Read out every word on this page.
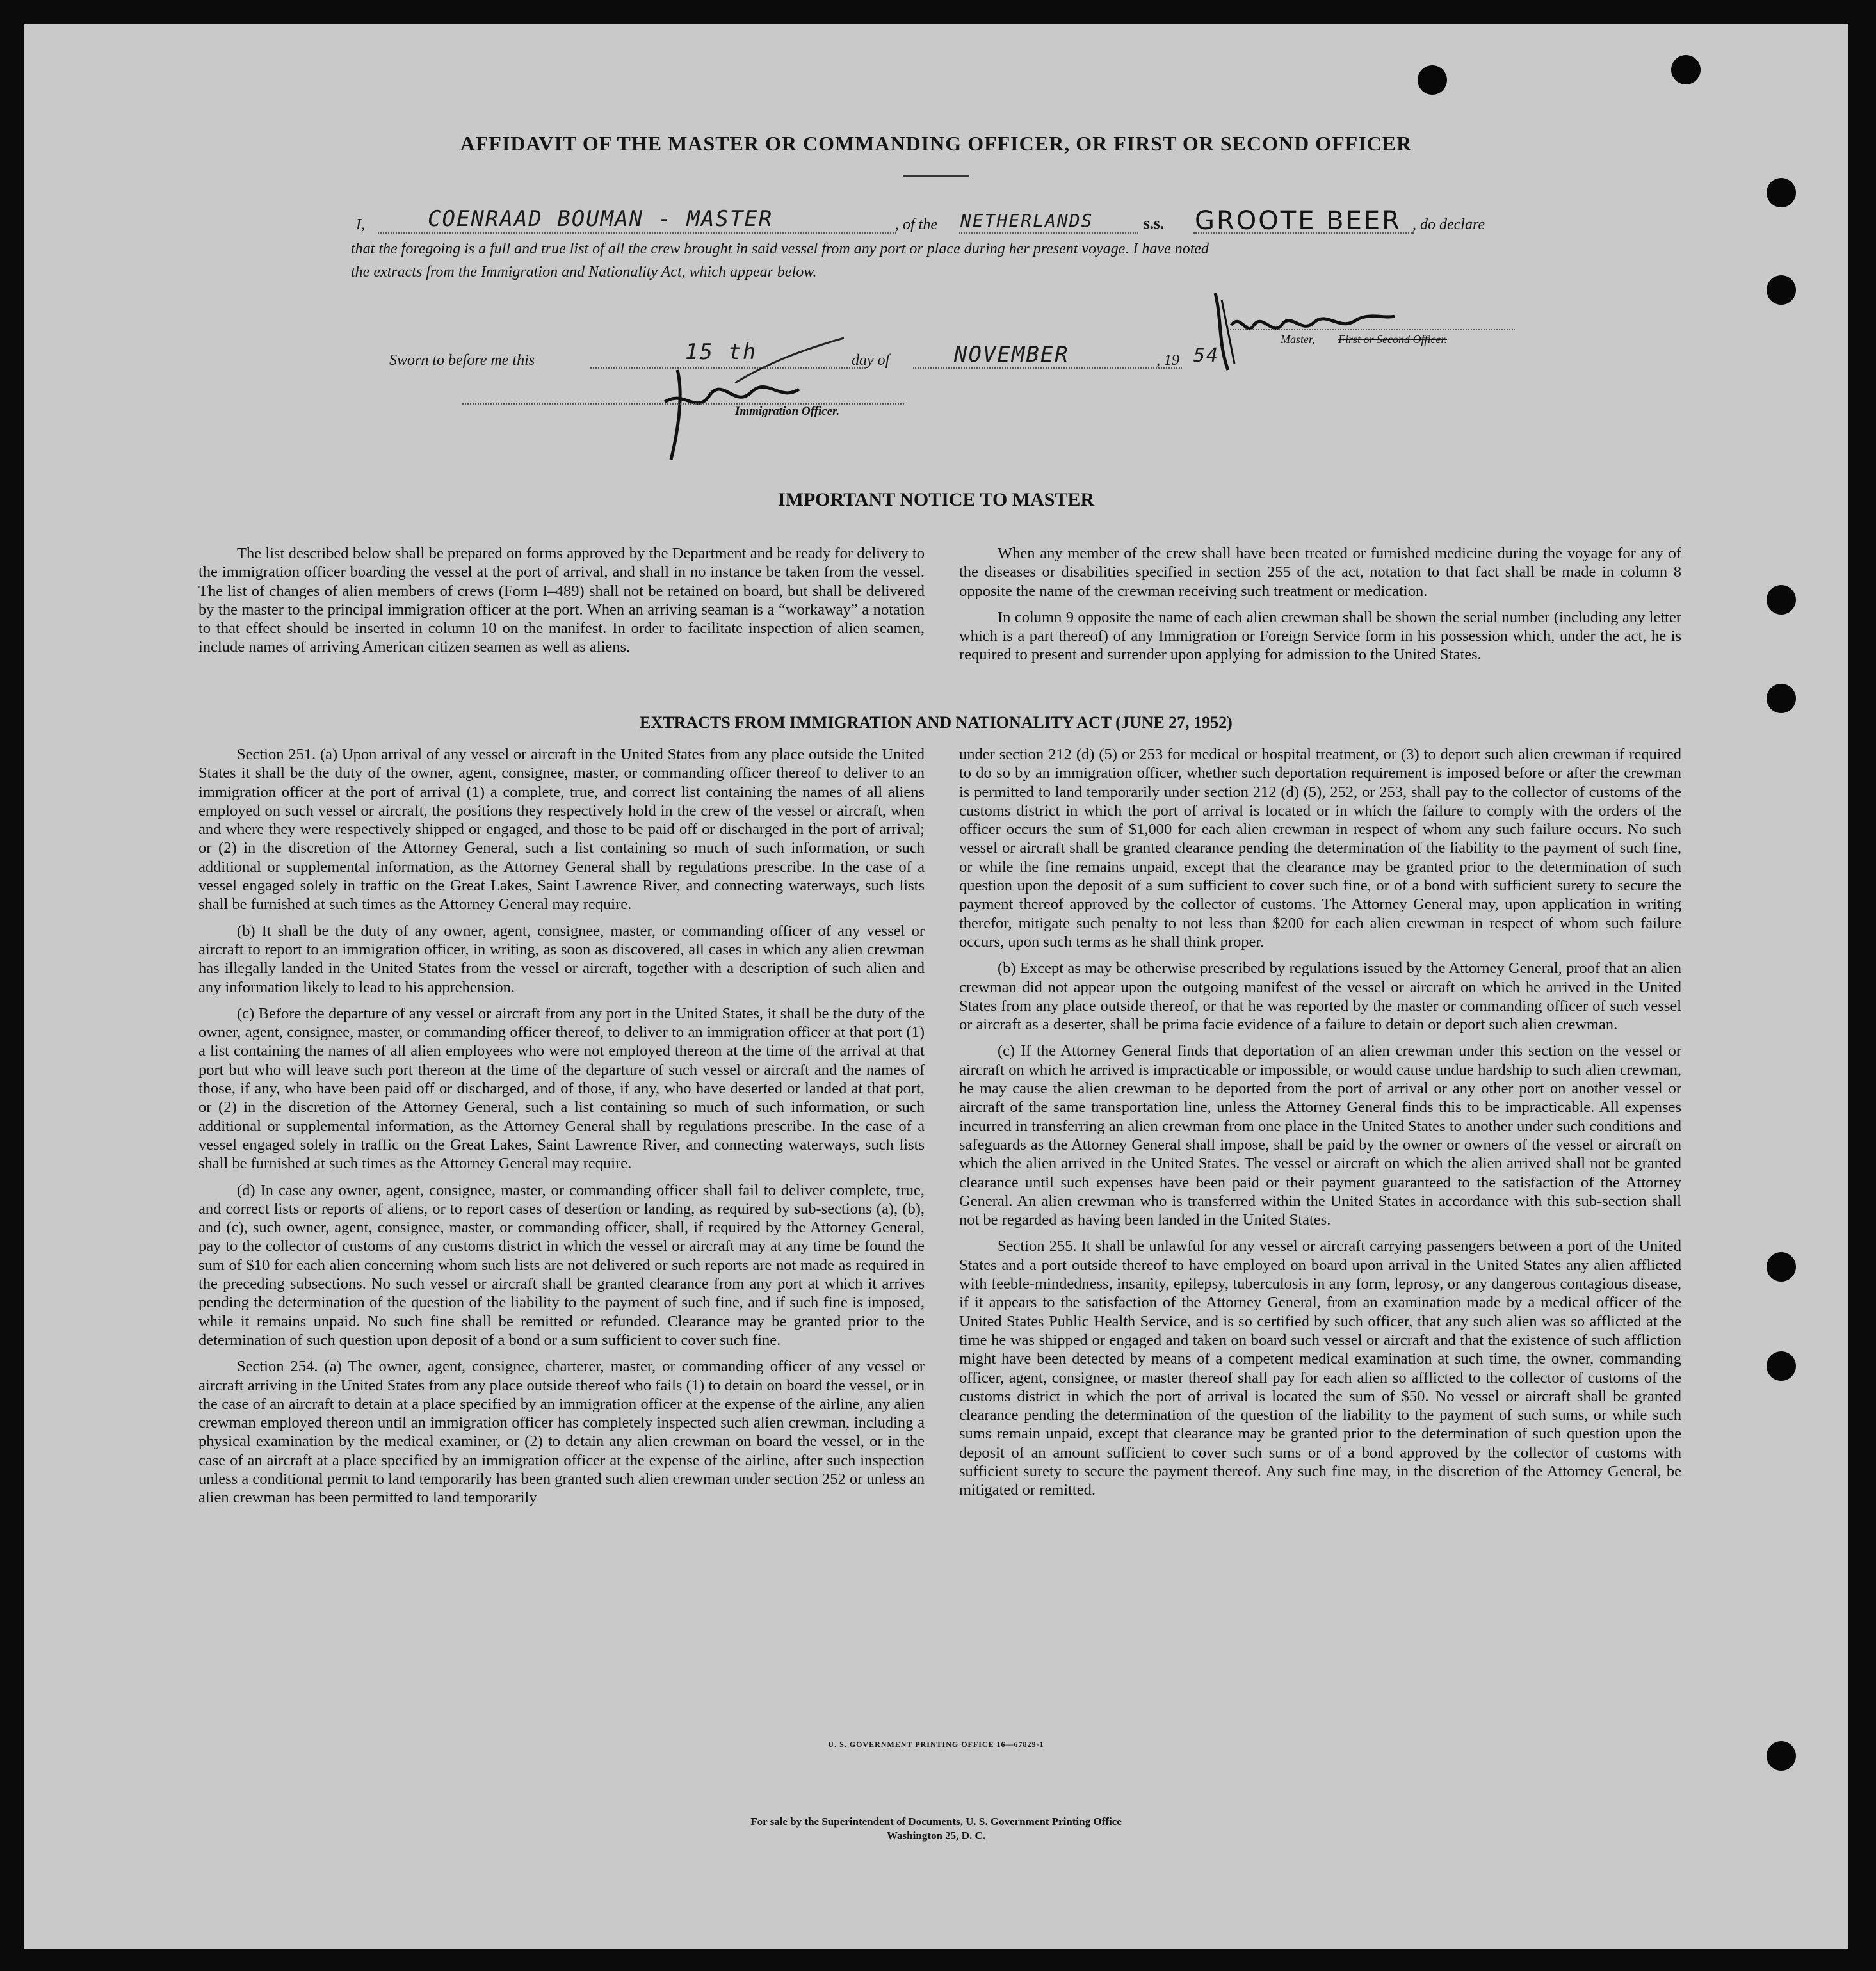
AFFIDAVIT OF THE MASTER OR COMMANDING OFFICER, OR FIRST OR SECOND OFFICER
I,	COENRAAD BOUMAN - MASTER	, of the NETHERLANDS	s.s. GROOTE BEER , do declare
that the foregoing is a full and true list of all the crew brought in said vessel from any port or place during her present voyage. I have noted
the extracts from the Immigration and Nationality Act, which appear below.
Master, First or Second Officer.
Sworn to before me this	15 th	day of	NOVEMBER	, 19 54
Immigration Officer.
IMPORTANT NOTICE TO MASTER

The list described below shall be prepared on forms approved by the Department and be ready for delivery to the immigration officer boarding the vessel at the port of arrival, and shall in no instance be taken from the vessel. The list of changes of alien members of crews (Form I–489) shall not be retained on board, but shall be delivered by the master to the principal immigration officer at the port. When an arriving seaman is a “workaway” a notation to that effect should be inserted in column 10 on the manifest. In order to facilitate inspection of alien seamen, include names of arriving American citizen seamen as well as aliens.

When any member of the crew shall have been treated or furnished medicine during the voyage for any of the diseases or disabilities specified in section 255 of the act, notation to that fact shall be made in column 8 opposite the name of the crewman receiving such treatment or medication.

In column 9 opposite the name of each alien crewman shall be shown the serial number (including any letter which is a part thereof) of any Immigration or Foreign Service form in his possession which, under the act, he is required to present and surrender upon applying for admission to the United States.

EXTRACTS FROM IMMIGRATION AND NATIONALITY ACT (JUNE 27, 1952)

Section 251. (a) Upon arrival of any vessel or aircraft in the United States from any place outside the United States it shall be the duty of the owner, agent, consignee, master, or commanding officer thereof to deliver to an immigration officer at the port of arrival (1) a complete, true, and correct list containing the names of all aliens employed on such vessel or aircraft, the positions they respectively hold in the crew of the vessel or aircraft, when and where they were respectively shipped or engaged, and those to be paid off or discharged in the port of arrival; or (2) in the discretion of the Attorney General, such a list containing so much of such information, or such additional or supplemental information, as the Attorney General shall by regulations prescribe. In the case of a vessel engaged solely in traffic on the Great Lakes, Saint Lawrence River, and connecting waterways, such lists shall be furnished at such times as the Attorney General may require.

(b) It shall be the duty of any owner, agent, consignee, master, or commanding officer of any vessel or aircraft to report to an immigration officer, in writing, as soon as discovered, all cases in which any alien crewman has illegally landed in the United States from the vessel or aircraft, together with a description of such alien and any information likely to lead to his apprehension.

(c) Before the departure of any vessel or aircraft from any port in the United States, it shall be the duty of the owner, agent, consignee, master, or commanding officer thereof, to deliver to an immigration officer at that port (1) a list containing the names of all alien employees who were not employed thereon at the time of the arrival at that port but who will leave such port thereon at the time of the departure of such vessel or aircraft and the names of those, if any, who have been paid off or discharged, and of those, if any, who have deserted or landed at that port, or (2) in the discretion of the Attorney General, such a list containing so much of such information, or such additional or supplemental information, as the Attorney General shall by regulations prescribe. In the case of a vessel engaged solely in traffic on the Great Lakes, Saint Lawrence River, and connecting waterways, such lists shall be furnished at such times as the Attorney General may require.

(d) In case any owner, agent, consignee, master, or commanding officer shall fail to deliver complete, true, and correct lists or reports of aliens, or to report cases of desertion or landing, as required by sub-sections (a), (b), and (c), such owner, agent, consignee, master, or commanding officer, shall, if required by the Attorney General, pay to the collector of customs of any customs district in which the vessel or aircraft may at any time be found the sum of $10 for each alien concerning whom such lists are not delivered or such reports are not made as required in the preceding subsections. No such vessel or aircraft shall be granted clearance from any port at which it arrives pending the determination of the question of the liability to the payment of such fine, and if such fine is imposed, while it remains unpaid. No such fine shall be remitted or refunded. Clearance may be granted prior to the determination of such question upon deposit of a bond or a sum sufficient to cover such fine.

Section 254. (a) The owner, agent, consignee, charterer, master, or commanding officer of any vessel or aircraft arriving in the United States from any place outside thereof who fails (1) to detain on board the vessel, or in the case of an aircraft to detain at a place specified by an immigration officer at the expense of the airline, any alien crewman employed thereon until an immigration officer has completely inspected such alien crewman, including a physical examination by the medical examiner, or (2) to detain any alien crewman on board the vessel, or in the case of an aircraft at a place specified by an immigration officer at the expense of the airline, after such inspection unless a conditional permit to land temporarily has been granted such alien crewman under section 252 or unless an alien crewman has been permitted to land temporarily

under section 212 (d) (5) or 253 for medical or hospital treatment, or (3) to deport such alien crewman if required to do so by an immigration officer, whether such deportation requirement is imposed before or after the crewman is permitted to land temporarily under section 212 (d) (5), 252, or 253, shall pay to the collector of customs of the customs district in which the port of arrival is located or in which the failure to comply with the orders of the officer occurs the sum of $1,000 for each alien crewman in respect of whom any such failure occurs. No such vessel or aircraft shall be granted clearance pending the determination of the liability to the payment of such fine, or while the fine remains unpaid, except that the clearance may be granted prior to the determination of such question upon the deposit of a sum sufficient to cover such fine, or of a bond with sufficient surety to secure the payment thereof approved by the collector of customs. The Attorney General may, upon application in writing therefor, mitigate such penalty to not less than $200 for each alien crewman in respect of whom such failure occurs, upon such terms as he shall think proper.

(b) Except as may be otherwise prescribed by regulations issued by the Attorney General, proof that an alien crewman did not appear upon the outgoing manifest of the vessel or aircraft on which he arrived in the United States from any place outside thereof, or that he was reported by the master or commanding officer of such vessel or aircraft as a deserter, shall be prima facie evidence of a failure to detain or deport such alien crewman.

(c) If the Attorney General finds that deportation of an alien crewman under this section on the vessel or aircraft on which he arrived is impracticable or impossible, or would cause undue hardship to such alien crewman, he may cause the alien crewman to be deported from the port of arrival or any other port on another vessel or aircraft of the same transportation line, unless the Attorney General finds this to be impracticable. All expenses incurred in transferring an alien crewman from one place in the United States to another under such conditions and safeguards as the Attorney General shall impose, shall be paid by the owner or owners of the vessel or aircraft on which the alien arrived in the United States. The vessel or aircraft on which the alien arrived shall not be granted clearance until such expenses have been paid or their payment guaranteed to the satisfaction of the Attorney General. An alien crewman who is transferred within the United States in accordance with this sub-section shall not be regarded as having been landed in the United States.

Section 255. It shall be unlawful for any vessel or aircraft carrying passengers between a port of the United States and a port outside thereof to have employed on board upon arrival in the United States any alien afflicted with feeble-mindedness, insanity, epilepsy, tuberculosis in any form, leprosy, or any dangerous contagious disease, if it appears to the satisfaction of the Attorney General, from an examination made by a medical officer of the United States Public Health Service, and is so certified by such officer, that any such alien was so afflicted at the time he was shipped or engaged and taken on board such vessel or aircraft and that the existence of such affliction might have been detected by means of a competent medical examination at such time, the owner, commanding officer, agent, consignee, or master thereof shall pay for each alien so afflicted to the collector of customs of the customs district in which the port of arrival is located the sum of $50. No vessel or aircraft shall be granted clearance pending the determination of the question of the liability to the payment of such sums, or while such sums remain unpaid, except that clearance may be granted prior to the determination of such question upon the deposit of an amount sufficient to cover such sums or of a bond approved by the collector of customs with sufficient surety to secure the payment thereof. Any such fine may, in the discretion of the Attorney General, be mitigated or remitted.

U. S. GOVERNMENT PRINTING OFFICE 16—67829-1
For sale by the Superintendent of Documents, U. S. Government Printing Office
Washington 25, D. C.
